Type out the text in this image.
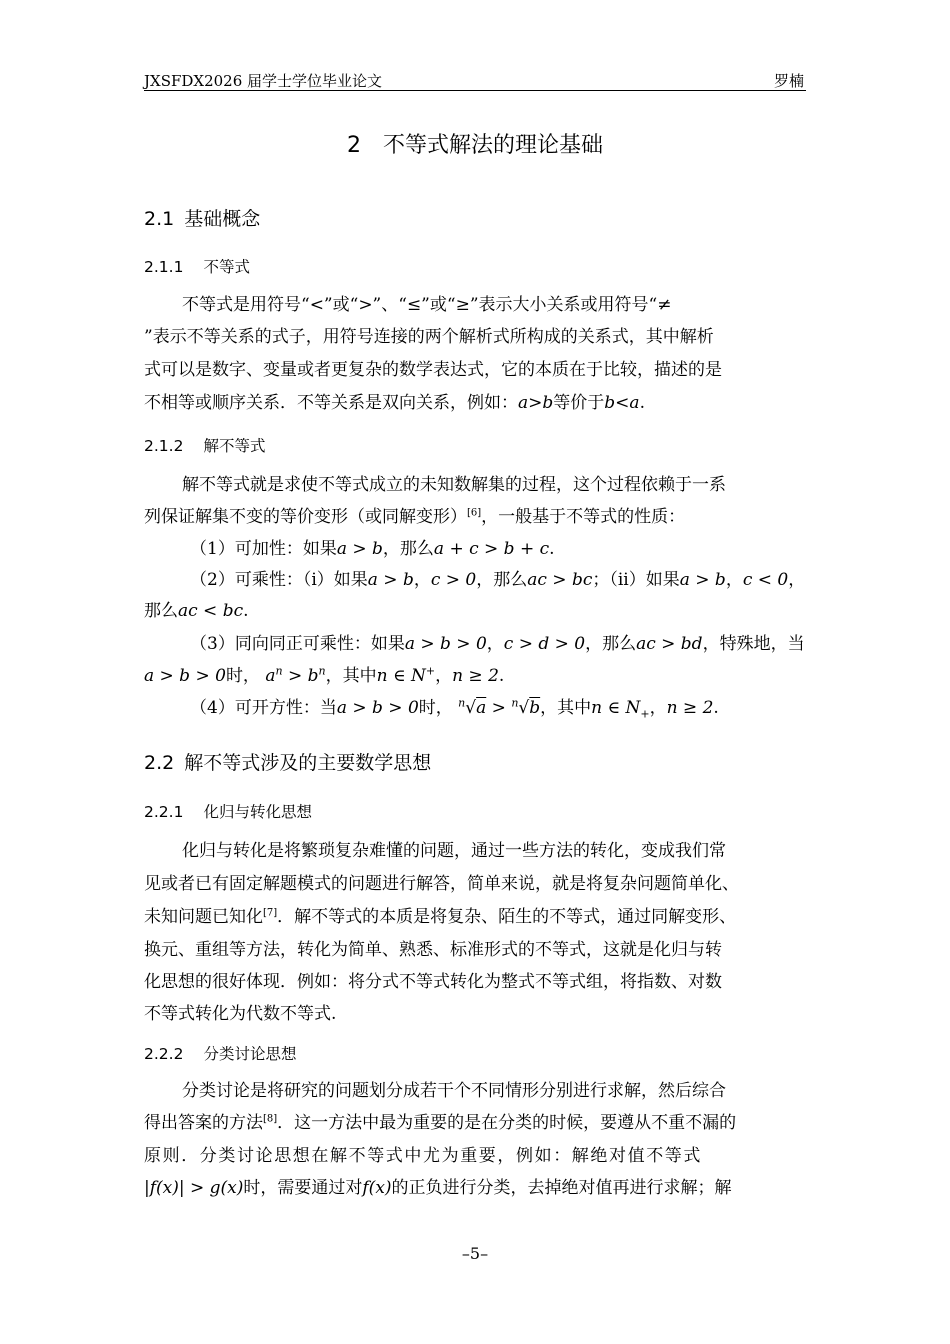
JXSFDX2026 届学士学位毕业论文	罗楠
2 不等式解法的理论基础
2.1 基础概念
2.1.1 不等式
不等式是用符号“<”或“>”、“≤”或“≥”表示大小关系或用符号“≠
”表示不等关系的式子，用符号连接的两个解析式所构成的关系式，其中解析
式可以是数字、变量或者更复杂的数学表达式，它的本质在于比较，描述的是
不相等或顺序关系．不等关系是双向关系，例如：a>b等价于b<a.
2.1.2 解不等式
解不等式就是求使不等式成立的未知数解集的过程，这个过程依赖于一系
列保证解集不变的等价变形（或同解变形）[6]，一般基于不等式的性质：
（1）可加性：如果a > b，那么a + c > b + c.
（2）可乘性：（i）如果a > b，c > 0，那么ac > bc；（ii）如果a > b，c < 0，
那么ac < bc.
（3）同向同正可乘性：如果a > b > 0，c > d > 0，那么ac > bd，特殊地，当
a > b > 0时， $a^n > b^n$，其中n ∈ N+，n ≥ 2.
（4）可开方性：当a > b > 0时， $^n$√a > $^n$√b，其中n ∈ $N_+$，n ≥ 2.
2.2 解不等式涉及的主要数学思想
2.2.1 化归与转化思想
化归与转化是将繁琐复杂难懂的问题，通过一些方法的转化，变成我们常
见或者已有固定解题模式的问题进行解答，简单来说，就是将复杂问题简单化、
未知问题已知化[7]．解不等式的本质是将复杂、陌生的不等式，通过同解变形、
换元、重组等方法，转化为简单、熟悉、标准形式的不等式，这就是化归与转
化思想的很好体现．例如：将分式不等式转化为整式不等式组，将指数、对数
不等式转化为代数不等式.
2.2.2 分类讨论思想
分类讨论是将研究的问题划分成若干个不同情形分别进行求解，然后综合
得出答案的方法[8]．这一方法中最为重要的是在分类的时候，要遵从不重不漏的
原则．分类讨论思想在解不等式中尤为重要，例如：解绝对值不等式
|f(x)| > g(x)时，需要通过对f(x)的正负进行分类，去掉绝对值再进行求解；解
–5–
